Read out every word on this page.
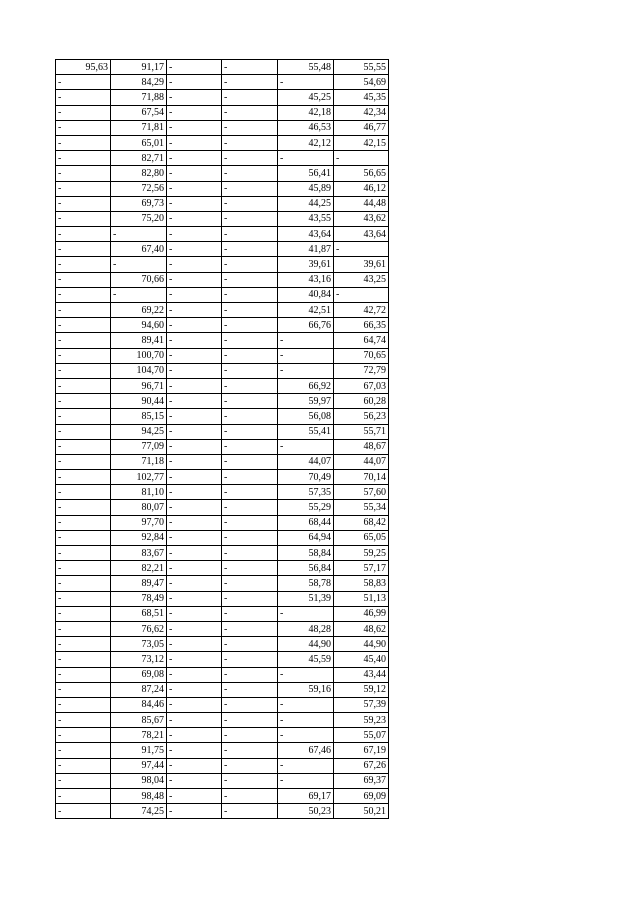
95,63	91,17	-	-	55,48	55,55
-	84,29	-	-	-	54,69
-	71,88	-	-	45,25	45,35
-	67,54	-	-	42,18	42,34
-	71,81	-	-	46,53	46,77
-	65,01	-	-	42,12	42,15
-	82,71	-	-	-	-
-	82,80	-	-	56,41	56,65
-	72,56	-	-	45,89	46,12
-	69,73	-	-	44,25	44,48
-	75,20	-	-	43,55	43,62
-	-	-	-	43,64	43,64
-	67,40	-	-	41,87	-
-	-	-	-	39,61	39,61
-	70,66	-	-	43,16	43,25
-	-	-	-	40,84	-
-	69,22	-	-	42,51	42,72
-	94,60	-	-	66,76	66,35
-	89,41	-	-	-	64,74
-	100,70	-	-	-	70,65
-	104,70	-	-	-	72,79
-	96,71	-	-	66,92	67,03
-	90,44	-	-	59,97	60,28
-	85,15	-	-	56,08	56,23
-	94,25	-	-	55,41	55,71
-	77,09	-	-	-	48,67
-	71,18	-	-	44,07	44,07
-	102,77	-	-	70,49	70,14
-	81,10	-	-	57,35	57,60
-	80,07	-	-	55,29	55,34
-	97,70	-	-	68,44	68,42
-	92,84	-	-	64,94	65,05
-	83,67	-	-	58,84	59,25
-	82,21	-	-	56,84	57,17
-	89,47	-	-	58,78	58,83
-	78,49	-	-	51,39	51,13
-	68,51	-	-	-	46,99
-	76,62	-	-	48,28	48,62
-	73,05	-	-	44,90	44,90
-	73,12	-	-	45,59	45,40
-	69,08	-	-	-	43,44
-	87,24	-	-	59,16	59,12
-	84,46	-	-	-	57,39
-	85,67	-	-	-	59,23
-	78,21	-	-	-	55,07
-	91,75	-	-	67,46	67,19
-	97,44	-	-	-	67,26
-	98,04	-	-	-	69,37
-	98,48	-	-	69,17	69,09
-	74,25	-	-	50,23	50,21
